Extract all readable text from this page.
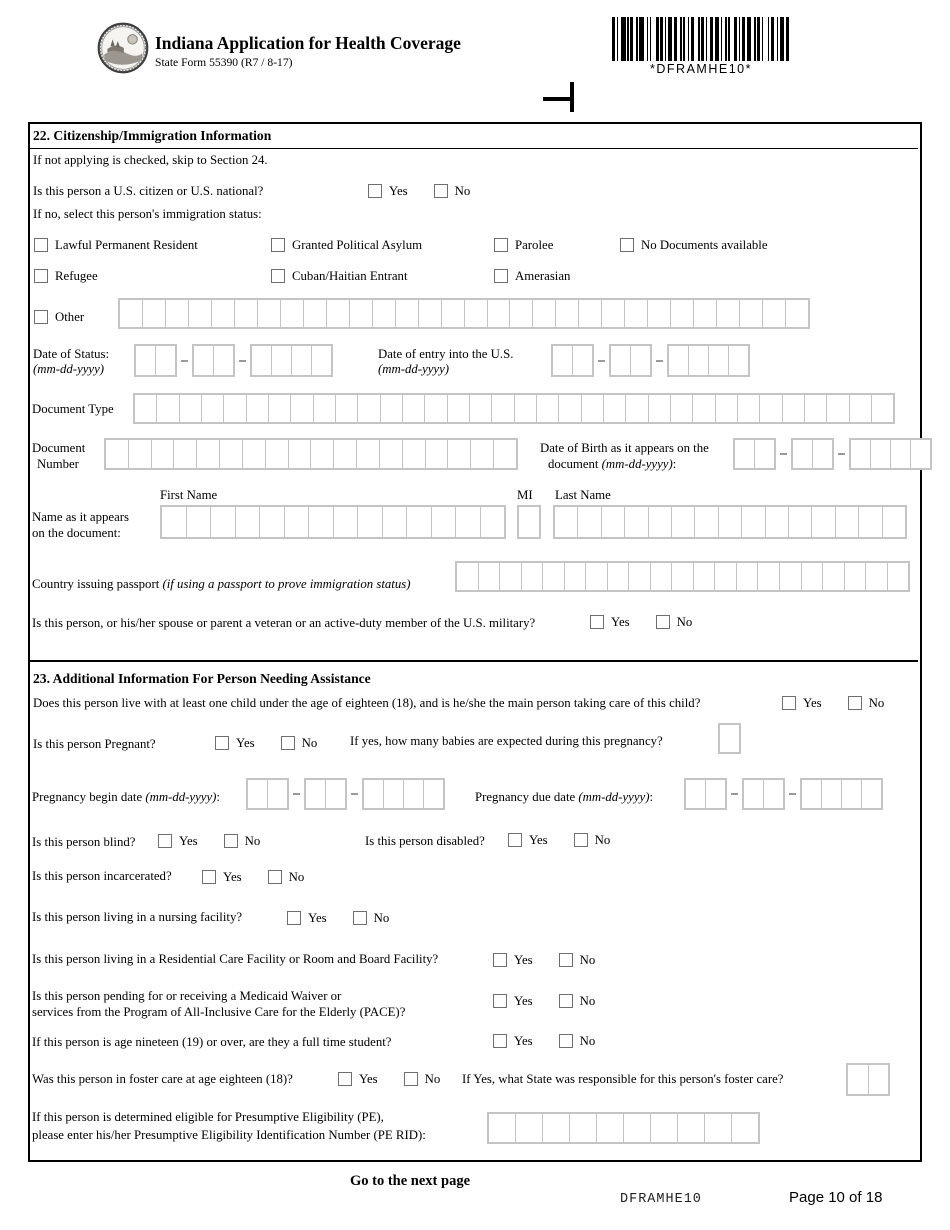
Indiana Application for Health Coverage
State Form 55390 (R7 / 8-17)	*DFRAMHE10*
22. Citizenship/Immigration Information
If not applying is checked, skip to Section 24.
Is this person a U.S. citizen or U.S. national?	Yes	No
If no, select this person's immigration status:
Lawful Permanent Resident	Granted Political Asylum	Parolee	No Documents available
Refugee	Cuban/Haitian Entrant	Amerasian
Other
Date of Status:
(mm-dd-yyyy)
Date of entry into the U.S.
(mm-dd-yyyy)
Document Type
Document
Number
Date of Birth as it appears on the
document (mm-dd-yyyy):
First Name	MI Last Name
Name as it appears
on the document:
Country issuing passport (if using a passport to prove immigration status)
Is this person, or his/her spouse or parent a veteran or an active-duty member of the U.S. military?	Yes	No
23. Additional Information For Person Needing Assistance
Does this person live with at least one child under the age of eighteen (18), and is he/she the main person taking care of this child?	Yes	No
Is this person Pregnant?	Yes	No	If yes, how many babies are expected during this pregnancy?
Pregnancy begin date (mm-dd-yyyy):	Pregnancy due date (mm-dd-yyyy):
Is this person blind?	Yes	No	Is this person disabled?	Yes	No
Is this person incarcerated?	Yes	No
Is this person living in a nursing facility?	Yes	No
Is this person living in a Residential Care Facility or Room and Board Facility?	Yes	No
Is this person pending for or receiving a Medicaid Waiver or
services from the Program of All-Inclusive Care for the Elderly (PACE)?
Yes	No
If this person is age nineteen (19) or over, are they a full time student?	Yes	No
Was this person in foster care at age eighteen (18)?	Yes	No If Yes, what State was responsible for this person's foster care?
If this person is determined eligible for Presumptive Eligibility (PE),
please enter his/her Presumptive Eligibility Identification Number (PE RID):
Go to the next page
DFRAMHE10	Page 10 of 18
